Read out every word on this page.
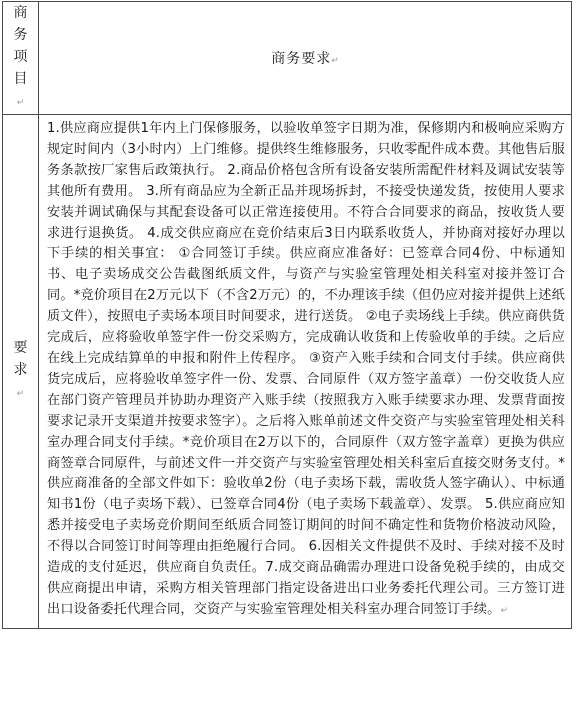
商务项目↵	商务要求↵

要求↵	1.供应商应提供1年内上门保修服务，以验收单签字日期为准，保修期内和极响应采购方规定时间内（3小时内）上门维修。提供终生维修服务，只收零配件成本费。其他售后服务条款按厂家售后政策执行。 2.商品价格包含所有设备安装所需配件材料及调试安装等其他所有费用。 3.所有商品应为全新正品并现场拆封，不接受快递发货，按使用人要求安装并调试确保与其配套设备可以正常连接使用。不符合合同要求的商品，按收货人要求进行退换货。 4.成交供应商应在竞价结束后3日内联系收货人，并协商对接好办理以下手续的相关事宜： ①合同签订手续。供应商应准备好：已签章合同4份、中标通知书、电子卖场成交公告截图纸质文件，与资产与实验室管理处相关科室对接并签订合同。*竞价项目在2万元以下（不含2万元）的，不办理该手续（但仍应对接并提供上述纸质文件），按照电子卖场本项目时间要求，进行送货。 ②电子卖场线上手续。供应商供货完成后，应将验收单签字件一份交采购方，完成确认收货和上传验收单的手续。之后应在线上完成结算单的申报和附件上传程序。 ③资产入账手续和合同支付手续。供应商供货完成后，应将验收单签字件一份、发票、合同原件（双方签字盖章）一份交收货人应在部门资产管理员并协助办理资产入账手续（按照我方入账手续要求办理、发票背面按要求记录开支渠道并按要求签字）。之后将入账单前述文件交资产与实验室管理处相关科室办理合同支付手续。*竞价项目在2万以下的，合同原件（双方签字盖章）更换为供应商签章合同原件，与前述文件一并交资产与实验室管理处相关科室后直接交财务支付。* 供应商准备的全部文件如下：验收单2份（电子卖场下载，需收货人签字确认）、中标通知书1份（电子卖场下载）、已签章合同4份（电子卖场下载盖章）、发票。 5.供应商应知悉并接受电子卖场竞价期间至纸质合同签订期间的时间不确定性和货物价格波动风险，不得以合同签订时间等理由拒绝履行合同。 6.因相关文件提供不及时、手续对接不及时造成的支付延迟，供应商自负责任。7.成交商品确需办理进口设备免税手续的，由成交供应商提出申请，采购方相关管理部门指定设备进出口业务委托代理公司。三方签订进出口设备委托代理合同，交资产与实验室管理处相关科室办理合同签订手续。↵
